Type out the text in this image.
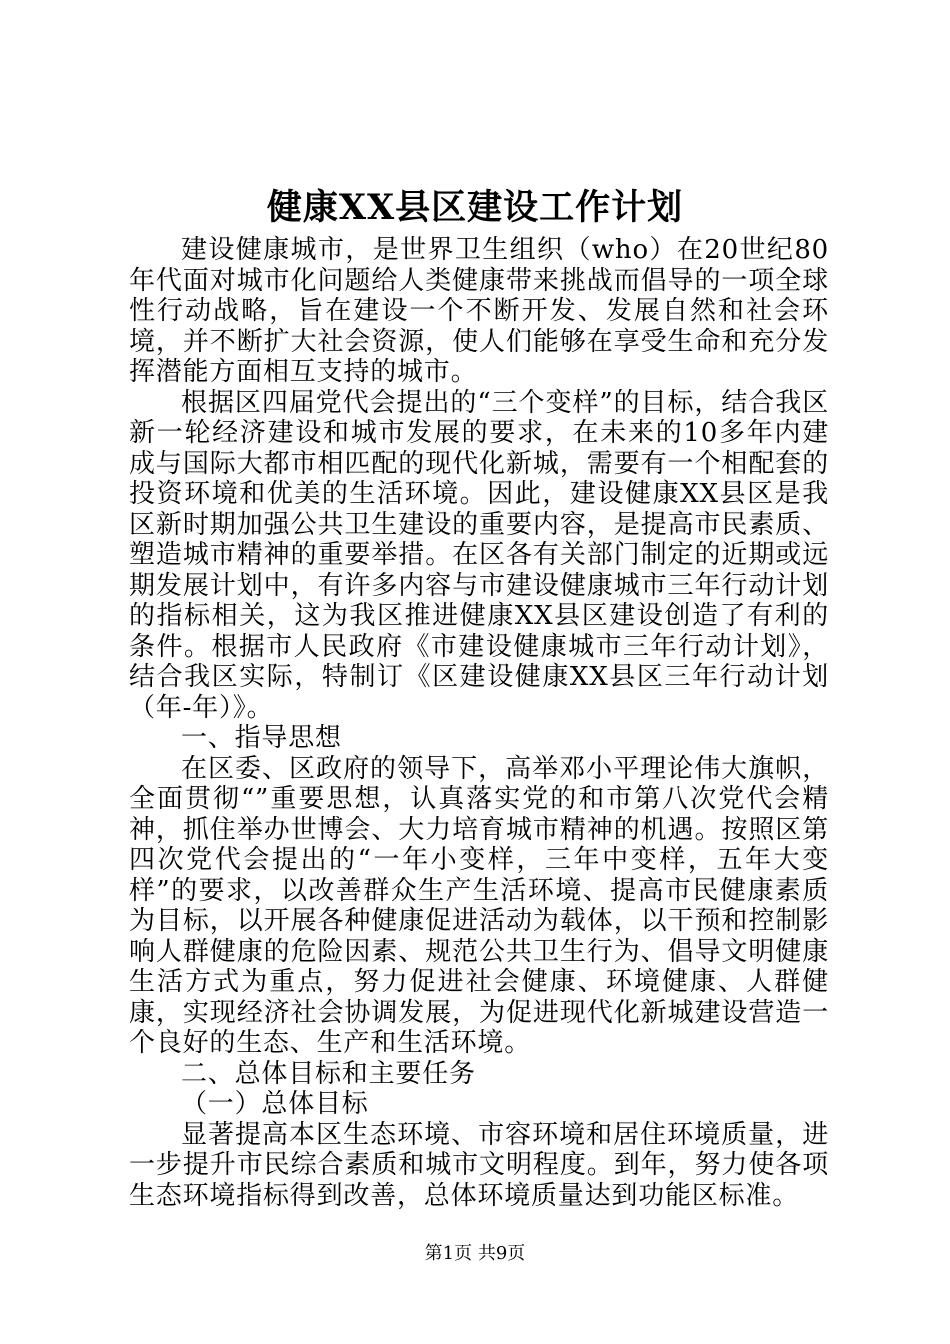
健康XX县区建设工作计划

建设健康城市，是世界卫生组织（who）在20世纪80年代面对城市化问题给人类健康带来挑战而倡导的一项全球性行动战略，旨在建设一个不断开发、发展自然和社会环境，并不断扩大社会资源，使人们能够在享受生命和充分发挥潜能方面相互支持的城市。

根据区四届党代会提出的“三个变样”的目标，结合我区新一轮经济建设和城市发展的要求，在未来的10多年内建成与国际大都市相匹配的现代化新城，需要有一个相配套的投资环境和优美的生活环境。因此，建设健康XX县区是我区新时期加强公共卫生建设的重要内容，是提高市民素质、塑造城市精神的重要举措。在区各有关部门制定的近期或远期发展计划中，有许多内容与市建设健康城市三年行动计划的指标相关，这为我区推进健康XX县区建设创造了有利的条件。根据市人民政府《市建设健康城市三年行动计划》，结合我区实际，特制订《区建设健康XX县区三年行动计划（年-年）》。

一、指导思想

在区委、区政府的领导下，高举邓小平理论伟大旗帜，全面贯彻“”重要思想，认真落实党的和市第八次党代会精神，抓住举办世博会、大力培育城市精神的机遇。按照区第四次党代会提出的“一年小变样，三年中变样，五年大变样”的要求，以改善群众生产生活环境、提高市民健康素质为目标，以开展各种健康促进活动为载体，以干预和控制影响人群健康的危险因素、规范公共卫生行为、倡导文明健康生活方式为重点，努力促进社会健康、环境健康、人群健康，实现经济社会协调发展，为促进现代化新城建设营造一个良好的生态、生产和生活环境。

二、总体目标和主要任务

（一）总体目标

显著提高本区生态环境、市容环境和居住环境质量，进一步提升市民综合素质和城市文明程度。到年，努力使各项生态环境指标得到改善，总体环境质量达到功能区标准。

第1页 共9页
